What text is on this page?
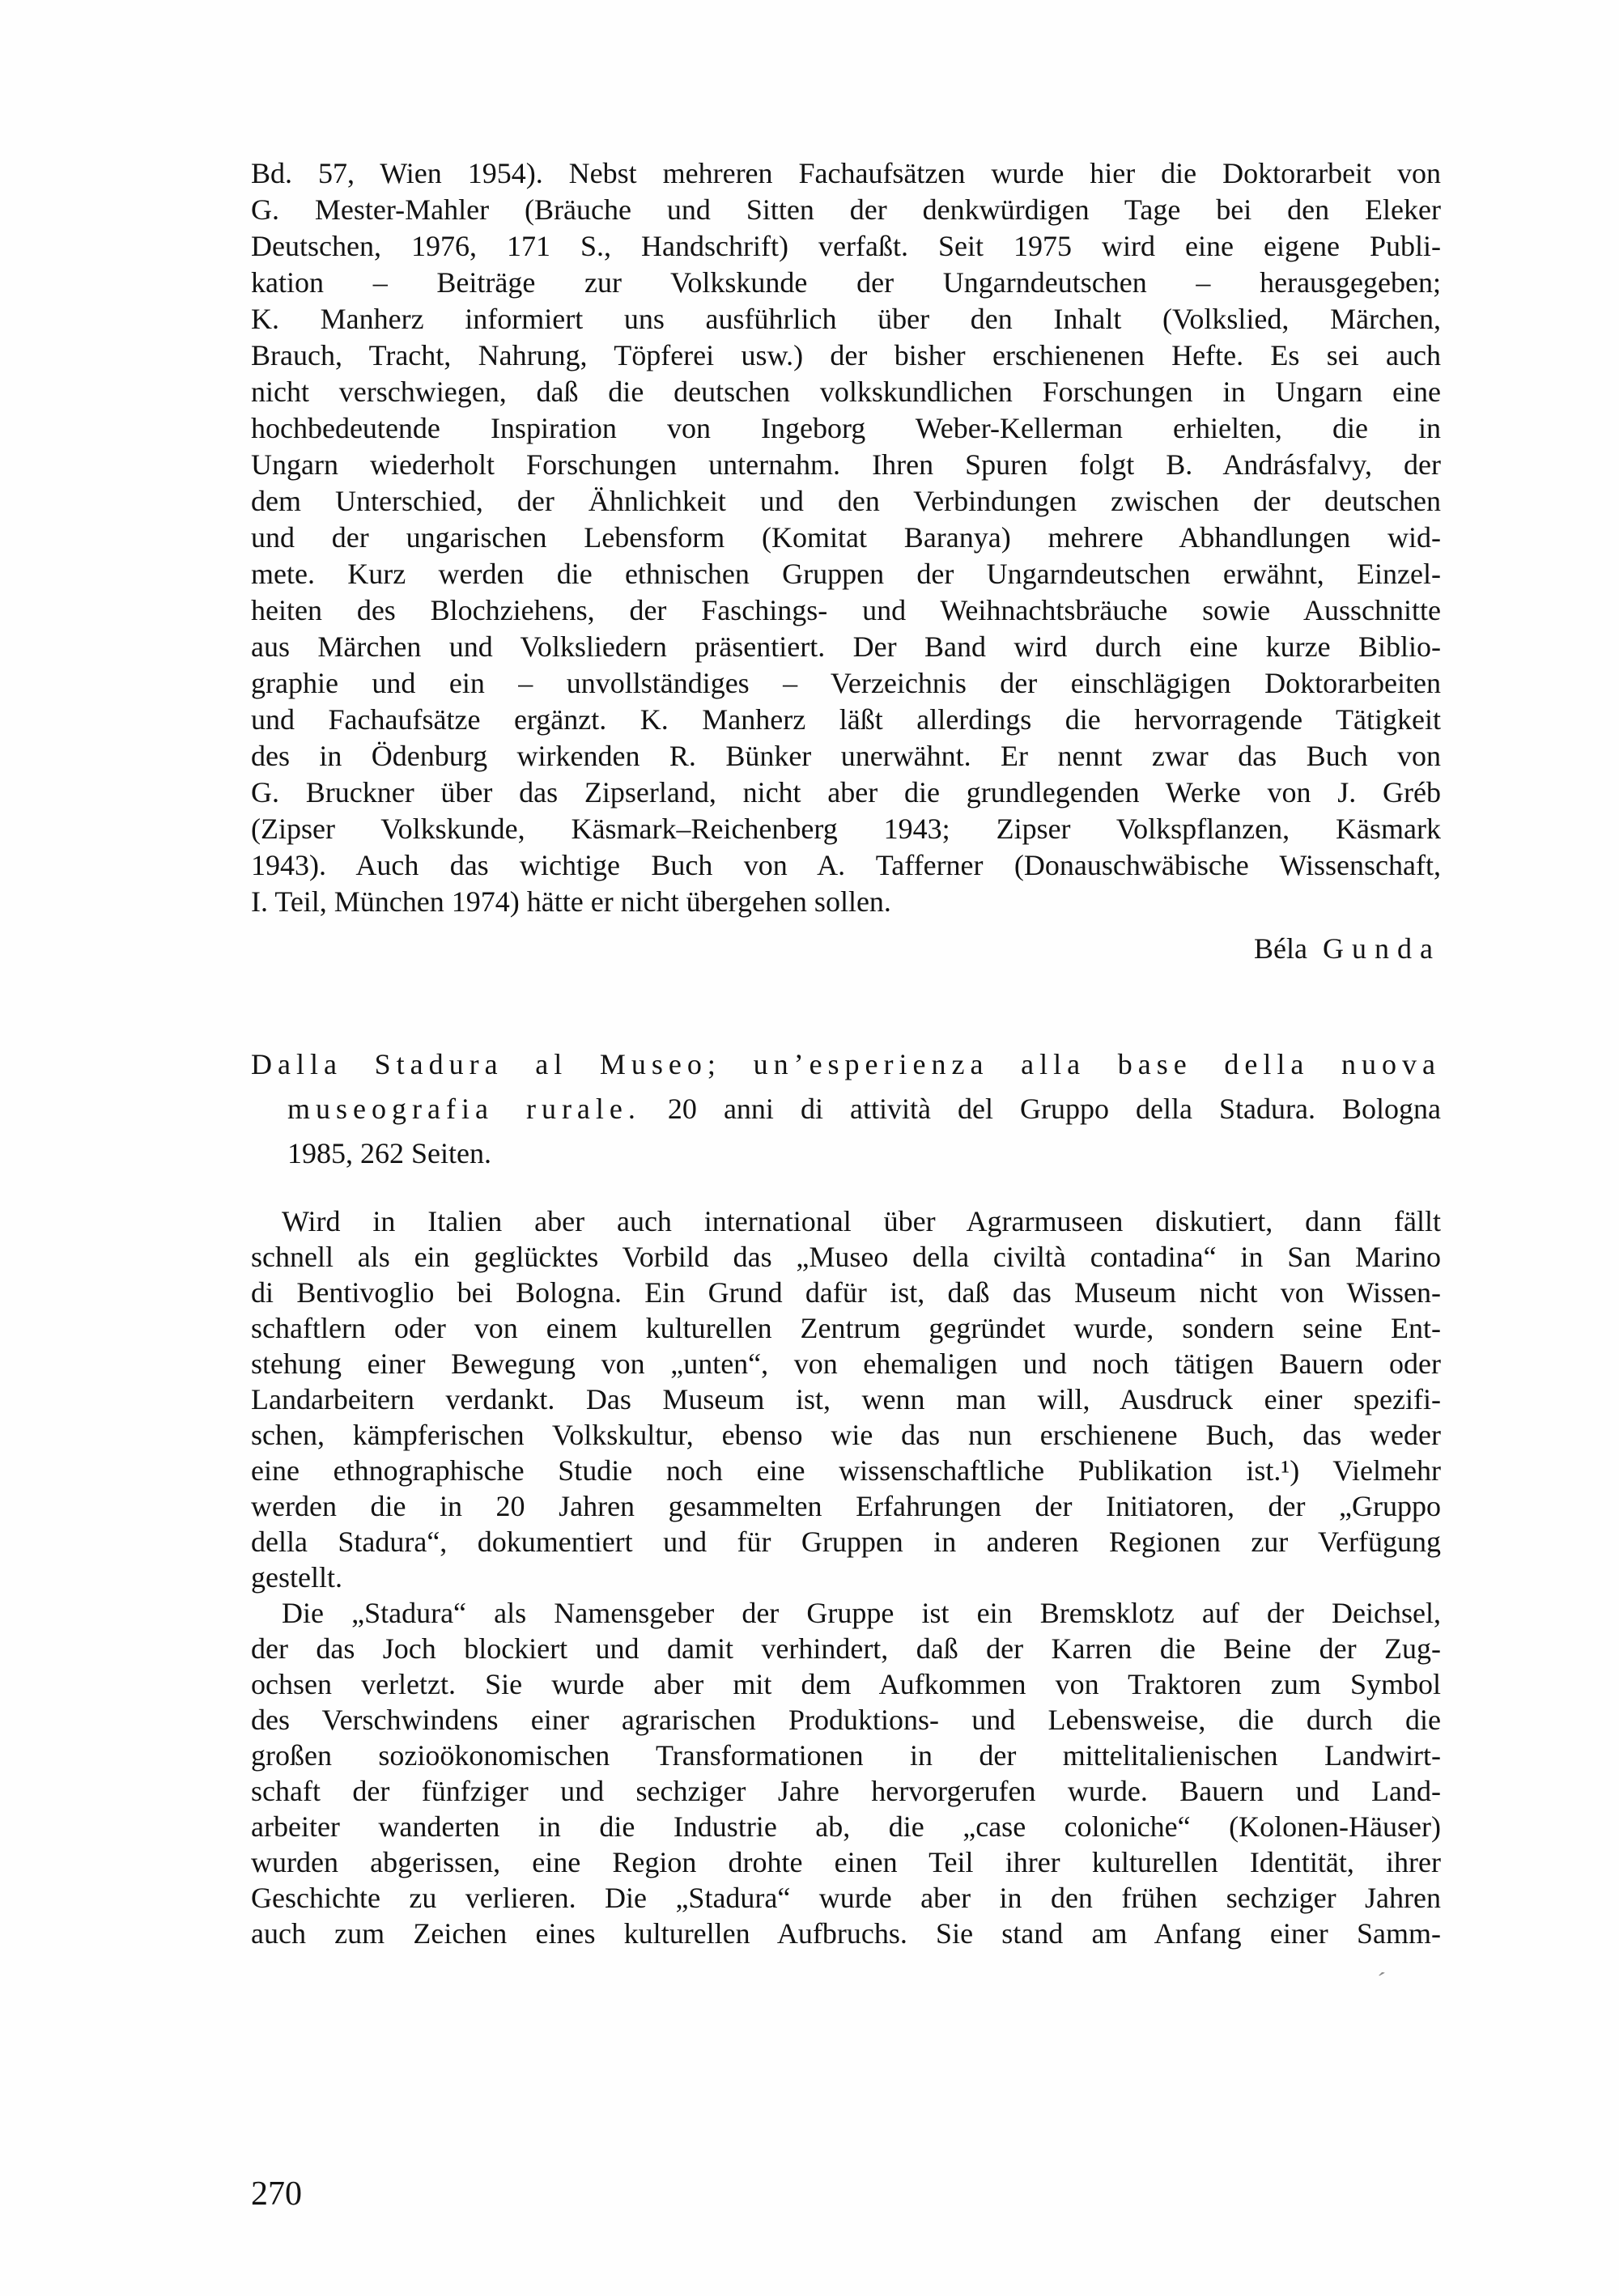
Bd. 57, Wien 1954). Nebst mehreren Fachaufsätzen wurde hier die Doktorarbeit von
G. Mester-Mahler (Bräuche und Sitten der denkwürdigen Tage bei den Eleker
Deutschen, 1976, 171 S., Handschrift) verfaßt. Seit 1975 wird eine eigene Publi-
kation – Beiträge zur Volkskunde der Ungarndeutschen – herausgegeben;
K. Manherz informiert uns ausführlich über den Inhalt (Volkslied, Märchen,
Brauch, Tracht, Nahrung, Töpferei usw.) der bisher erschienenen Hefte. Es sei auch
nicht verschwiegen, daß die deutschen volkskundlichen Forschungen in Ungarn eine
hochbedeutende Inspiration von Ingeborg Weber-Kellerman erhielten, die in
Ungarn wiederholt Forschungen unternahm. Ihren Spuren folgt B. Andrásfalvy, der
dem Unterschied, der Ähnlichkeit und den Verbindungen zwischen der deutschen
und der ungarischen Lebensform (Komitat Baranya) mehrere Abhandlungen wid-
mete. Kurz werden die ethnischen Gruppen der Ungarndeutschen erwähnt, Einzel-
heiten des Blochziehens, der Faschings- und Weihnachtsbräuche sowie Ausschnitte
aus Märchen und Volksliedern präsentiert. Der Band wird durch eine kurze Biblio-
graphie und ein – unvollständiges – Verzeichnis der einschlägigen Doktorarbeiten
und Fachaufsätze ergänzt. K. Manherz läßt allerdings die hervorragende Tätigkeit
des in Ödenburg wirkenden R. Bünker unerwähnt. Er nennt zwar das Buch von
G. Bruckner über das Zipserland, nicht aber die grundlegenden Werke von J. Gréb
(Zipser Volkskunde, Käsmark–Reichenberg 1943; Zipser Volkspflanzen, Käsmark
1943). Auch das wichtige Buch von A. Tafferner (Donauschwäbische Wissenschaft,
I. Teil, München 1974) hätte er nicht übergehen sollen.
Béla Gunda
Dalla Stadura al Museo; un’esperienza alla base della nuova
museografia rurale. 20 anni di attività del Gruppo della Stadura. Bologna
1985, 262 Seiten.
Wird in Italien aber auch international über Agrarmuseen diskutiert, dann fällt
schnell als ein geglücktes Vorbild das „Museo della civiltà contadina“ in San Marino
di Bentivoglio bei Bologna. Ein Grund dafür ist, daß das Museum nicht von Wissen-
schaftlern oder von einem kulturellen Zentrum gegründet wurde, sondern seine Ent-
stehung einer Bewegung von „unten“, von ehemaligen und noch tätigen Bauern oder
Landarbeitern verdankt. Das Museum ist, wenn man will, Ausdruck einer spezifi-
schen, kämpferischen Volkskultur, ebenso wie das nun erschienene Buch, das weder
eine ethnographische Studie noch eine wissenschaftliche Publikation ist.¹) Vielmehr
werden die in 20 Jahren gesammelten Erfahrungen der Initiatoren, der „Gruppo
della Stadura“, dokumentiert und für Gruppen in anderen Regionen zur Verfügung
gestellt.
Die „Stadura“ als Namensgeber der Gruppe ist ein Bremsklotz auf der Deichsel,
der das Joch blockiert und damit verhindert, daß der Karren die Beine der Zug-
ochsen verletzt. Sie wurde aber mit dem Aufkommen von Traktoren zum Symbol
des Verschwindens einer agrarischen Produktions- und Lebensweise, die durch die
großen sozioökonomischen Transformationen in der mittelitalienischen Landwirt-
schaft der fünfziger und sechziger Jahre hervorgerufen wurde. Bauern und Land-
arbeiter wanderten in die Industrie ab, die „case coloniche“ (Kolonen-Häuser)
wurden abgerissen, eine Region drohte einen Teil ihrer kulturellen Identität, ihrer
Geschichte zu verlieren. Die „Stadura“ wurde aber in den frühen sechziger Jahren
auch zum Zeichen eines kulturellen Aufbruchs. Sie stand am Anfang einer Samm-
270
´
